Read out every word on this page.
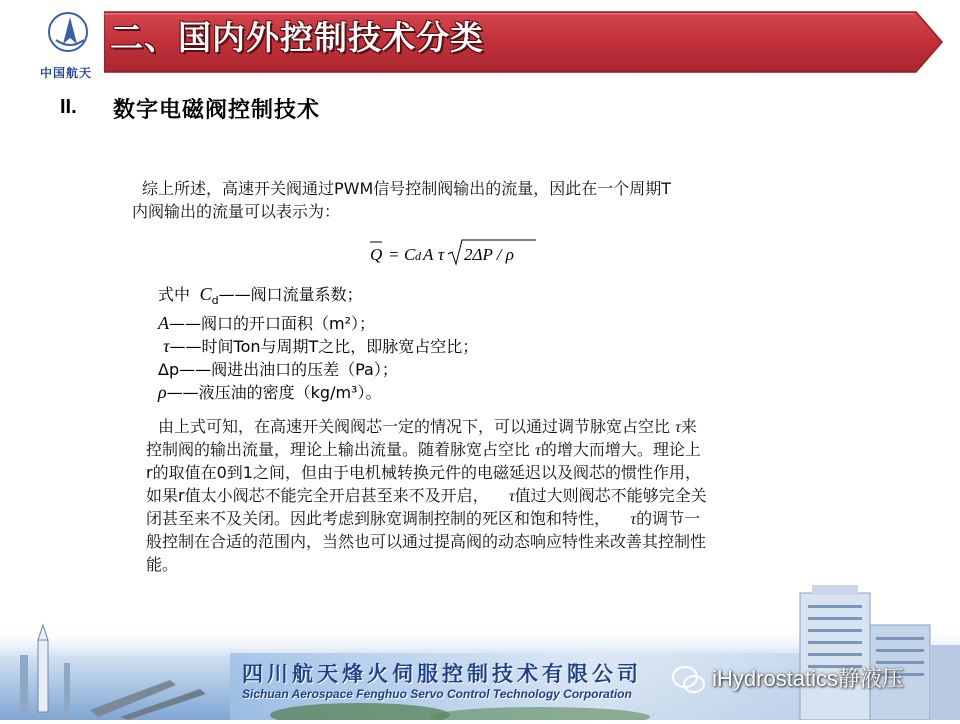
中国航天
二、国内外控制技术分类
II. 数字电磁阀控制技术
综上所述，高速开关阀通过PWM信号控制阀输出的流量，因此在一个周期T
内阀输出的流量可以表示为：
Q = C d A τ 2ΔP / ρ
式中  $C_d——$阀口流量系数；
A——阀口的开口面积（m²）；
τ——时间Ton与周期T之比，即脉宽占空比；
Δp——阀进出油口的压差（Pa）；
ρ——液压油的密度（kg/m³）。
由上式可知，在高速开关阀阀芯一定的情况下，可以通过调节脉宽占空比 τ来
控制阀的输出流量，理论上输出流量。随着脉宽占空比 τ的增大而增大。理论上
r的取值在0到1之间，但由于电机械转换元件的电磁延迟以及阀芯的惯性作用，
如果r值太小阀芯不能完全开启甚至来不及开启， τ值过大则阀芯不能够完全关
闭甚至来不及关闭。因此考虑到脉宽调制控制的死区和饱和特性， τ的调节一
般控制在合适的范围内，当然也可以通过提高阀的动态响应特性来改善其控制性
能。
四川航天烽火伺服控制技术有限公司
Sichuan Aerospace Fenghuo Servo Control Technology Corporation
iHydrostatics静液压
